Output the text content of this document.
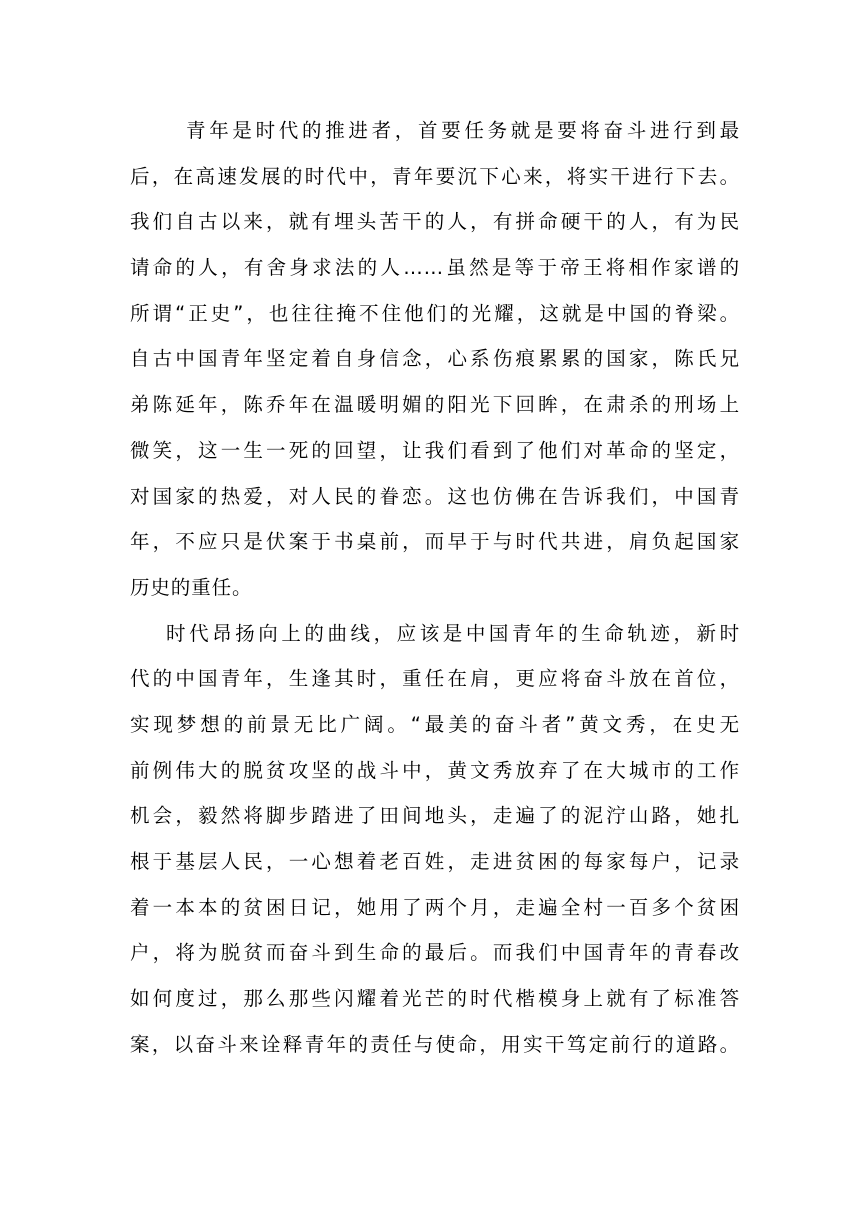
青年是时代的推进者，首要任务就是要将奋斗进行到最
后，在高速发展的时代中，青年要沉下心来，将实干进行下去。
我们自古以来，就有埋头苦干的人，有拼命硬干的人，有为民
请命的人，有舍身求法的人……虽然是等于帝王将相作家谱的
所谓“正史”，也往往掩不住他们的光耀，这就是中国的脊梁。
自古中国青年坚定着自身信念，心系伤痕累累的国家，陈氏兄
弟陈延年，陈乔年在温暖明媚的阳光下回眸，在肃杀的刑场上
微笑，这一生一死的回望，让我们看到了他们对革命的坚定，
对国家的热爱，对人民的眷恋。这也仿佛在告诉我们，中国青
年，不应只是伏案于书桌前，而早于与时代共进，肩负起国家
历史的重任。
时代昂扬向上的曲线，应该是中国青年的生命轨迹，新时
代的中国青年，生逢其时，重任在肩，更应将奋斗放在首位，
实现梦想的前景无比广阔。“最美的奋斗者”黄文秀，在史无
前例伟大的脱贫攻坚的战斗中，黄文秀放弃了在大城市的工作
机会，毅然将脚步踏进了田间地头，走遍了的泥泞山路，她扎
根于基层人民，一心想着老百姓，走进贫困的每家每户，记录
着一本本的贫困日记，她用了两个月，走遍全村一百多个贫困
户，将为脱贫而奋斗到生命的最后。而我们中国青年的青春改
如何度过，那么那些闪耀着光芒的时代楷模身上就有了标准答
案，以奋斗来诠释青年的责任与使命，用实干笃定前行的道路。
